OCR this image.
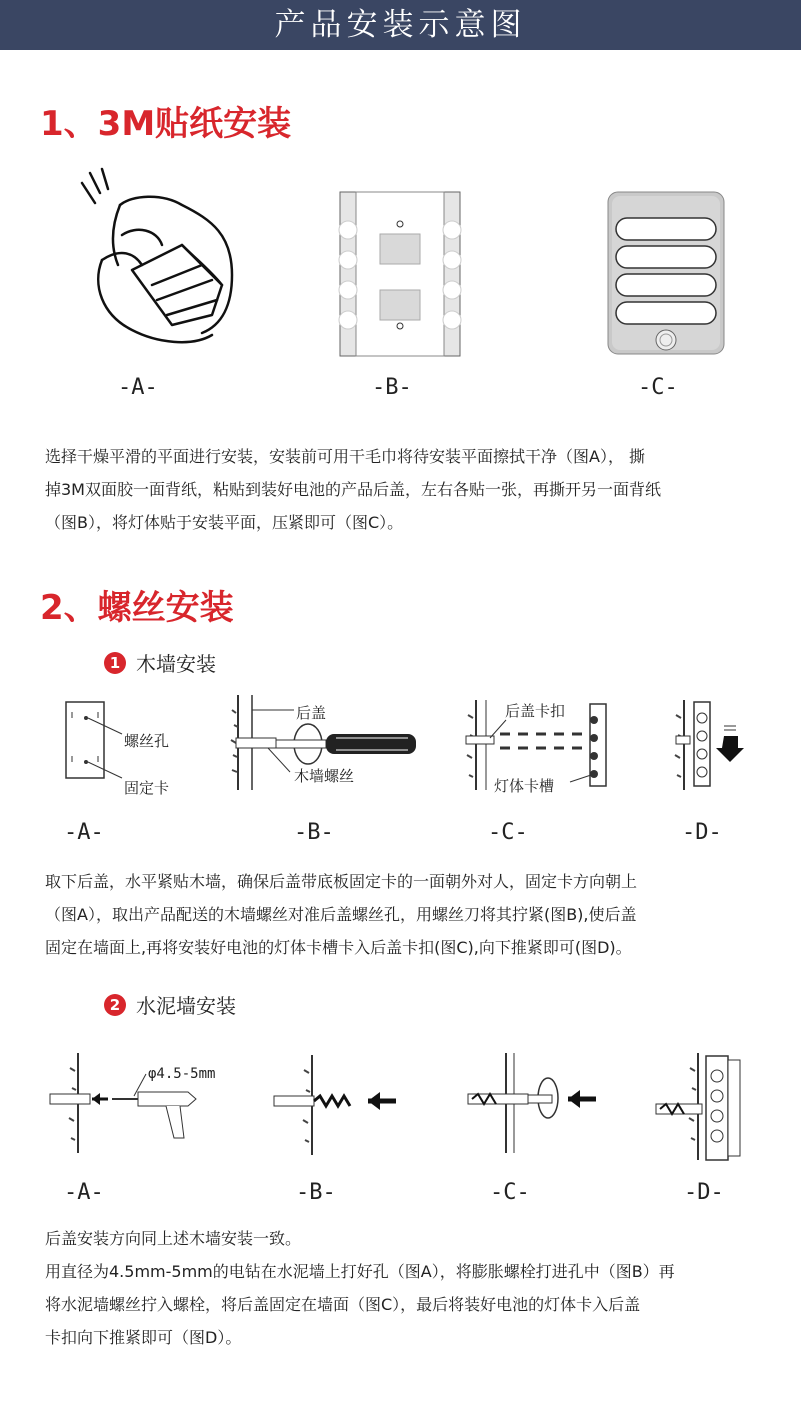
产品安装示意图
1、3M贴纸安装
-A-	-B-	-C-

选择干燥平滑的平面进行安装，安装前可用干毛巾将待安装平面擦拭干净（图A）， 撕

掉3M双面胶一面背纸，粘贴到装好电池的产品后盖，左右各贴一张，再撕开另一面背纸

（图B），将灯体贴于安装平面，压紧即可（图C）。

2、螺丝安装
1 木墙安装
螺丝孔
固定卡
后盖
木墙螺丝
后盖卡扣
灯体卡槽
-A-	-B-	-C-	-D-

取下后盖，水平紧贴木墙，确保后盖带底板固定卡的一面朝外对人，固定卡方向朝上

（图A），取出产品配送的木墙螺丝对准后盖螺丝孔，用螺丝刀将其拧紧(图B),使后盖

固定在墙面上,再将安装好电池的灯体卡槽卡入后盖卡扣(图C),向下推紧即可(图D)。

2 水泥墙安装
φ4.5-5mm
-A-	-B-	-C-	-D-

后盖安装方向同上述木墙安装一致。

用直径为4.5mm-5mm的电钻在水泥墙上打好孔（图A），将膨胀螺栓打进孔中（图B）再

将水泥墙螺丝拧入螺栓，将后盖固定在墙面（图C），最后将装好电池的灯体卡入后盖

卡扣向下推紧即可（图D）。
